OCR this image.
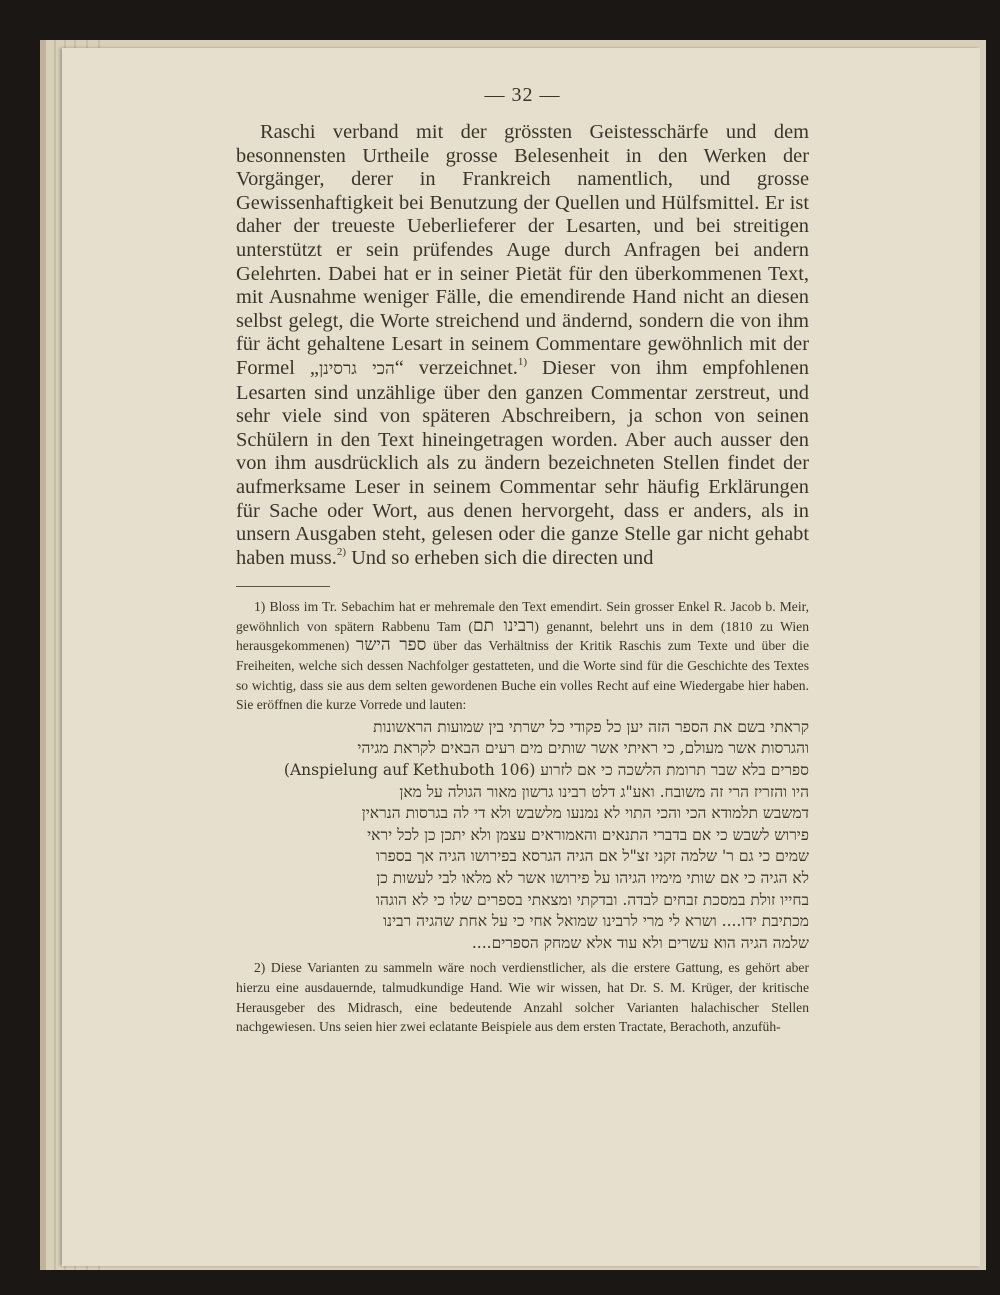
— 32 —

Raschi verband mit der grössten Geistesschärfe und dem besonnensten Urtheile grosse Belesenheit in den Werken der Vorgänger, derer in Frankreich namentlich, und grosse Gewissenhaftigkeit bei Benutzung der Quellen und Hülfsmittel. Er ist daher der treueste Ueberlieferer der Lesarten, und bei streitigen unterstützt er sein prüfendes Auge durch Anfragen bei andern Gelehrten. Dabei hat er in seiner Pietät für den überkommenen Text, mit Ausnahme weniger Fälle, die emendirende Hand nicht an diesen selbst gelegt, die Worte streichend und ändernd, sondern die von ihm für ächt gehaltene Lesart in seinem Commentare gewöhnlich mit der Formel „הכי גרסינן“ verzeichnet.$^{1)}$ Dieser von ihm empfohlenen Lesarten sind unzählige über den ganzen Commentar zerstreut, und sehr viele sind von späteren Abschreibern, ja schon von seinen Schülern in den Text hineingetragen worden. Aber auch ausser den von ihm ausdrücklich als zu ändern bezeichneten Stellen findet der aufmerksame Leser in seinem Commentar sehr häufig Erklärungen für Sache oder Wort, aus denen hervorgeht, dass er anders, als in unsern Ausgaben steht, gelesen oder die ganze Stelle gar nicht gehabt haben muss.$^{2)}$ Und so erheben sich die directen und

1) Bloss im Tr. Sebachim hat er mehremale den Text emendirt. Sein grosser Enkel R. Jacob b. Meir, gewöhnlich von spätern Rabbenu Tam (רבינו תם) genannt, belehrt uns in dem (1810 zu Wien herausgekommenen) ספר הישר über das Verhältniss der Kritik Raschis zum Texte und über die Freiheiten, welche sich dessen Nachfolger gestatteten, und die Worte sind für die Geschichte des Textes so wichtig, dass sie aus dem selten gewordenen Buche ein volles Recht auf eine Wiedergabe hier haben. Sie eröffnen die kurze Vorrede und lauten:

קראתי בשם את הספר הזה יען כל פקודי כל ישרתי בין שמועות הראשונות
והגרסות אשר מעולם, כי ראיתי אשר שותים מים רעים הבאים לקראת מגיהי
ספרים בלא שבר תרומת הלשכה כי אם לזרוע (Anspielung auf Kethuboth 106)
היו והזריז הרי זה משובח. ואע"ג דלט רבינו גרשון מאור הגולה על מאן
דמשבש תלמודא הכי והכי התוי לא נמנעו מלשבש ולא די לה בגרסות הנראין
פירוש לשבש כי אם בדברי התנאים והאמוראים עצמן ולא יתכן כן לכל יראי
שמים כי גם ר' שלמה זקני זצ"ל אם הגיה הגרסא בפירושו הגיה אך בספרו
לא הגיה כי אם שותי מימיו הגיהו על פירושו אשר לא מלאו לבי לעשות כן
בחייו זולת במסכת זבחים לבדה. ובדקתי ומצאתי בספרים שלו כי לא הוגהו
מכתיבת ידו.... ושרא לי מרי לרבינו שמואל אחי כי על אחת שהגיה רבינו
שלמה הגיה הוא עשרים ולא עוד אלא שמחק הספרים....

2) Diese Varianten zu sammeln wäre noch verdienstlicher, als die erstere Gattung, es gehört aber hierzu eine ausdauernde, talmudkundige Hand. Wie wir wissen, hat Dr. S. M. Krüger, der kritische Herausgeber des Midrasch, eine bedeutende Anzahl solcher Varianten halachischer Stellen nachgewiesen. Uns seien hier zwei eclatante Beispiele aus dem ersten Tractate, Berachoth, anzufüh-
